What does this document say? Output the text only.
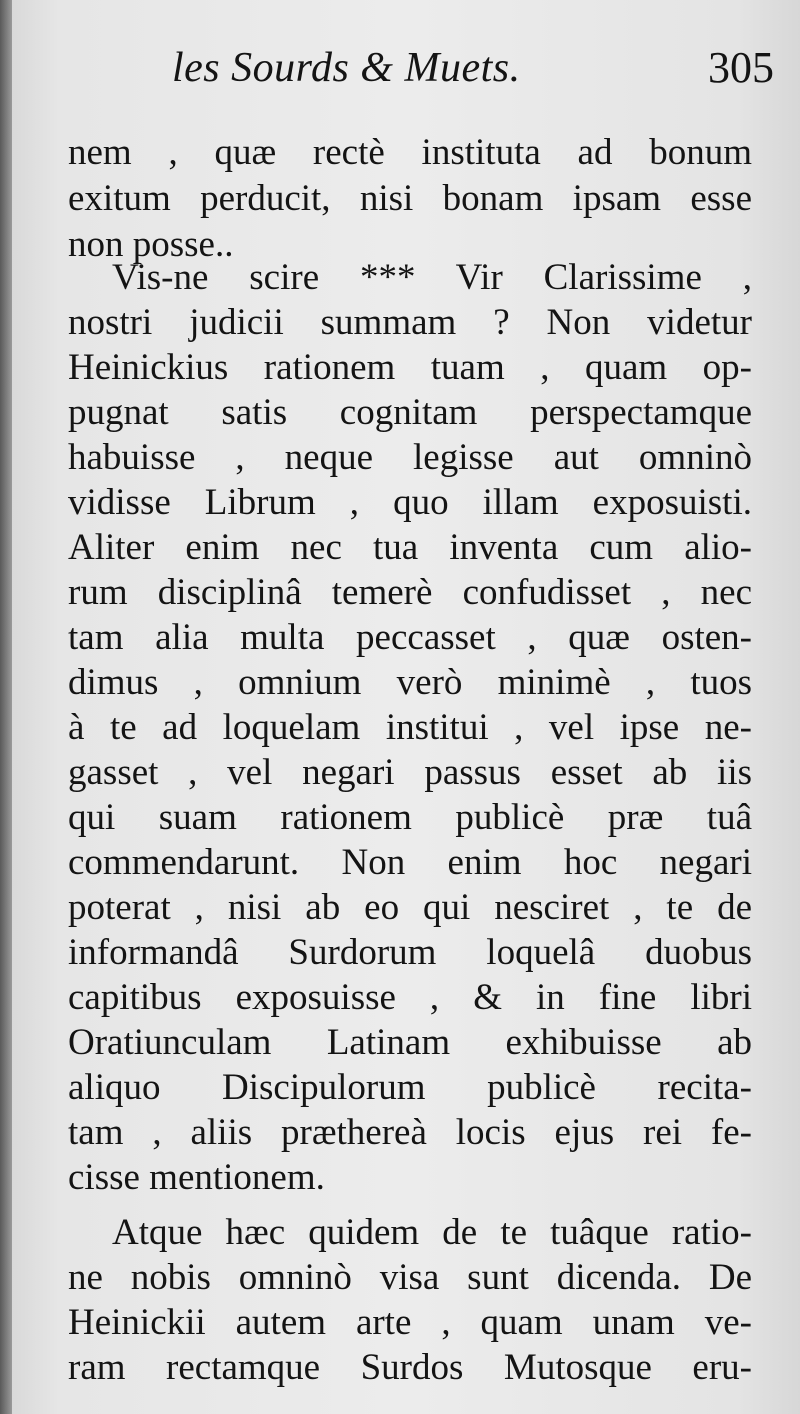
les Sourds & Muets.	305
nem , quæ rectè instituta ad bonum
exitum perducit, nisi bonam ipsam esse
non posse..
Vis-ne scire *** Vir Clarissime ,
nostri judicii summam ? Non videtur
Heinickius rationem tuam , quam op-
pugnat satis cognitam perspectamque
habuisse , neque legisse aut omninò
vidisse Librum , quo illam exposuisti.
Aliter enim nec tua inventa cum alio-
rum disciplinâ temerè confudisset , nec
tam alia multa peccasset , quæ osten-
dimus , omnium verò minimè , tuos
à te ad loquelam institui , vel ipse ne-
gasset , vel negari passus esset ab iis
qui suam rationem publicè præ tuâ
commendarunt. Non enim hoc negari
poterat , nisi ab eo qui nesciret , te de
informandâ Surdorum loquelâ duobus
capitibus exposuisse , & in fine libri
Oratiunculam Latinam exhibuisse ab
aliquo Discipulorum publicè recita-
tam , aliis præthereà locis ejus rei fe-
cisse mentionem.
Atque hæc quidem de te tuâque ratio-
ne nobis omninò visa sunt dicenda. De
Heinickii autem arte , quam unam ve-
ram rectamque Surdos Mutosque eru-
